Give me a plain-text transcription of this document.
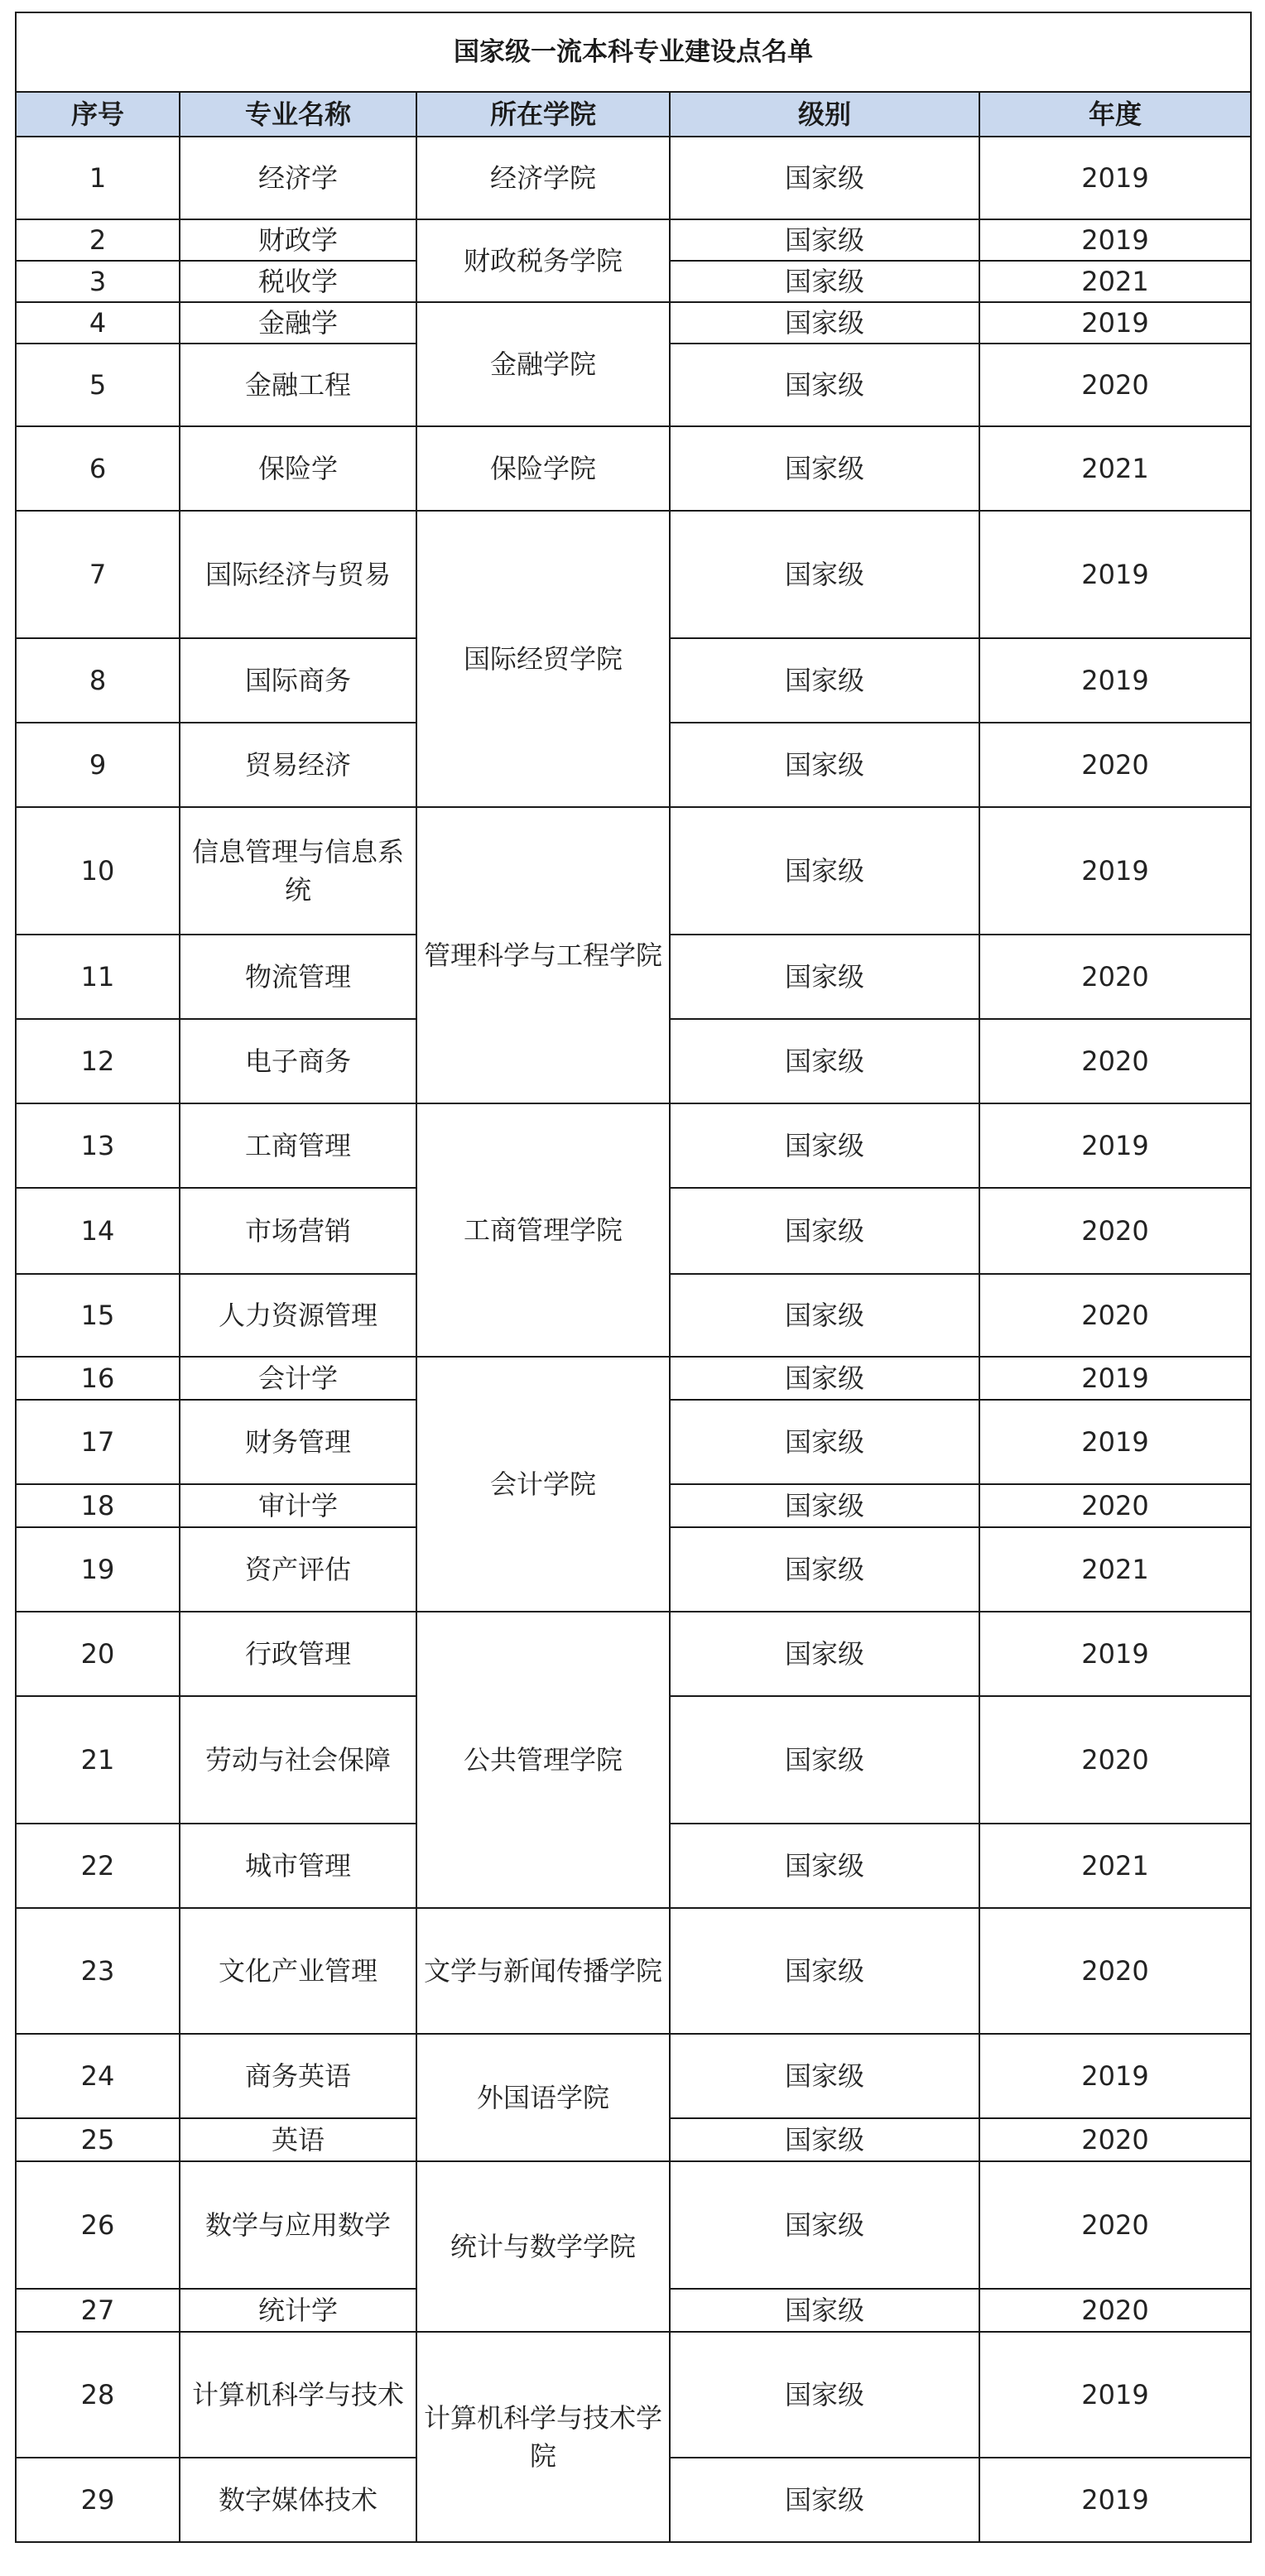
国家级一流本科专业建设点名单				
序号	专业名称	所在学院	级别	年度
1	经济学	经济学院	国家级	2019
2	财政学	财政税务学院	国家级	2019
3	税收学		国家级	2021
4	金融学	金融学院	国家级	2019
5	金融工程		国家级	2020
6	保险学	保险学院	国家级	2021
7	国际经济与贸易	国际经贸学院	国家级	2019
8	国际商务		国家级	2019
9	贸易经济		国家级	2020
10	信息管理与信息系统	管理科学与工程学院	国家级	2019
11	物流管理		国家级	2020
12	电子商务		国家级	2020
13	工商管理	工商管理学院	国家级	2019
14	市场营销		国家级	2020
15	人力资源管理		国家级	2020
16	会计学	会计学院	国家级	2019
17	财务管理		国家级	2019
18	审计学		国家级	2020
19	资产评估		国家级	2021
20	行政管理	公共管理学院	国家级	2019
21	劳动与社会保障		国家级	2020
22	城市管理		国家级	2021
23	文化产业管理	文学与新闻传播学院	国家级	2020
24	商务英语	外国语学院	国家级	2019
25	英语		国家级	2020
26	数学与应用数学	统计与数学学院	国家级	2020
27	统计学		国家级	2020
28	计算机科学与技术	计算机科学与技术学院	国家级	2019
29	数字媒体技术		国家级	2019
